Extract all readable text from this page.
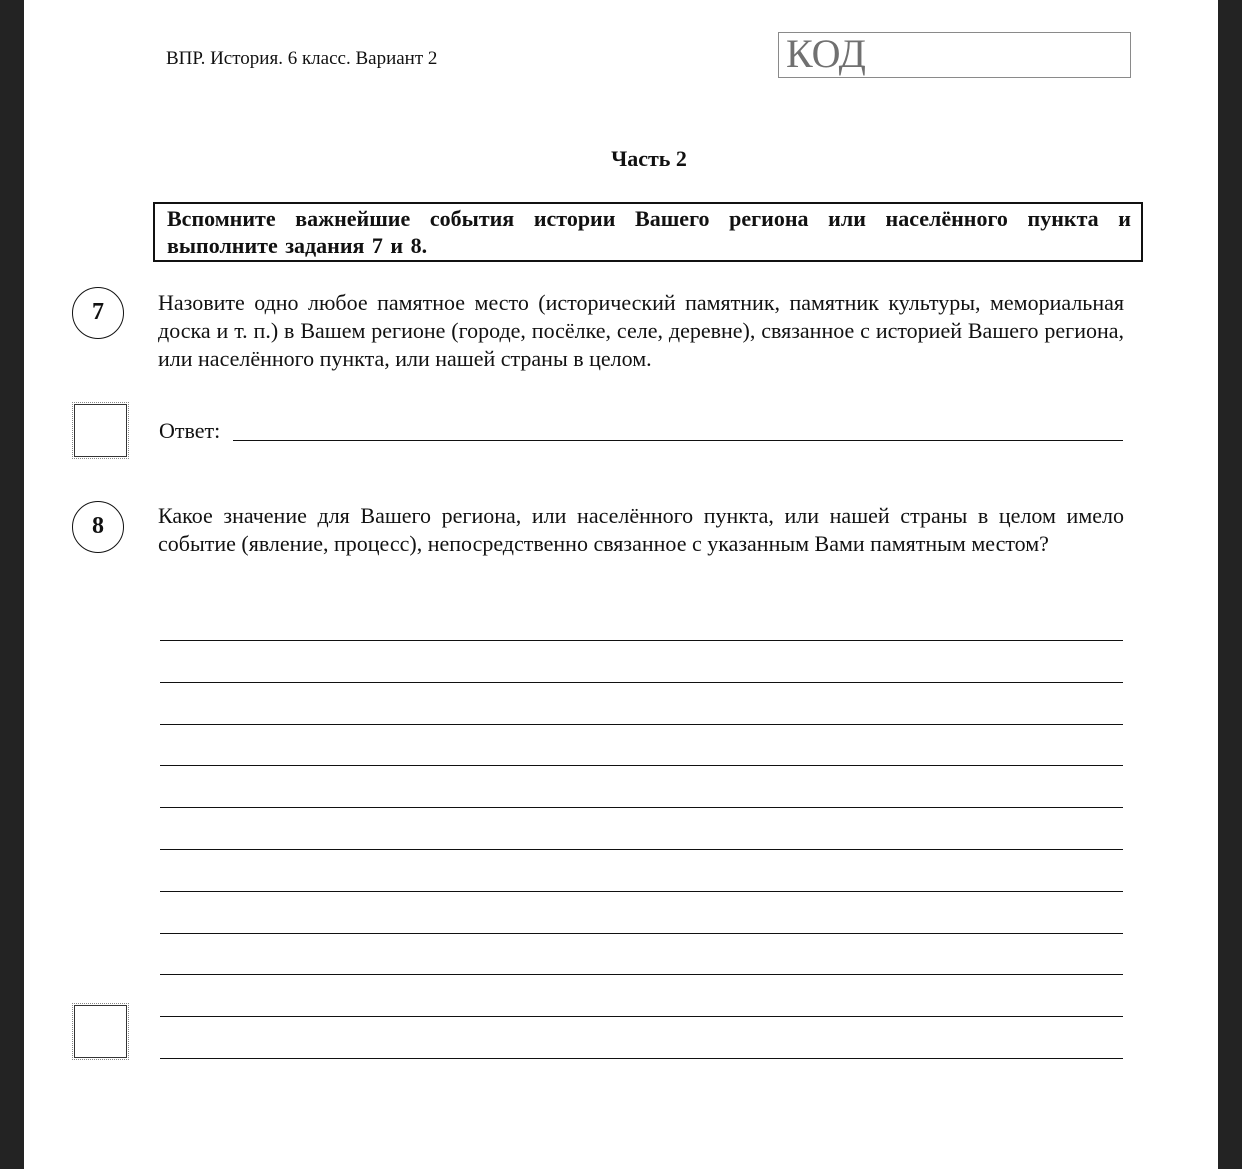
ВПР. История. 6 класс. Вариант 2	КОД
Часть 2
Вспомните важнейшие события истории Вашего региона или населённого пункта и выполните задания 7 и 8.
7	Назовите одно любое памятное место (исторический памятник, памятник культуры, мемориальная доска и т. п.) в Вашем регионе (городе, посёлке, селе, деревне), связанное с историей Вашего региона, или населённого пункта, или нашей страны в целом.
Ответ:
8	Какое значение для Вашего региона, или населённого пункта, или нашей страны в целом имело событие (явление, процесс), непосредственно связанное с указанным Вами памятным местом?
